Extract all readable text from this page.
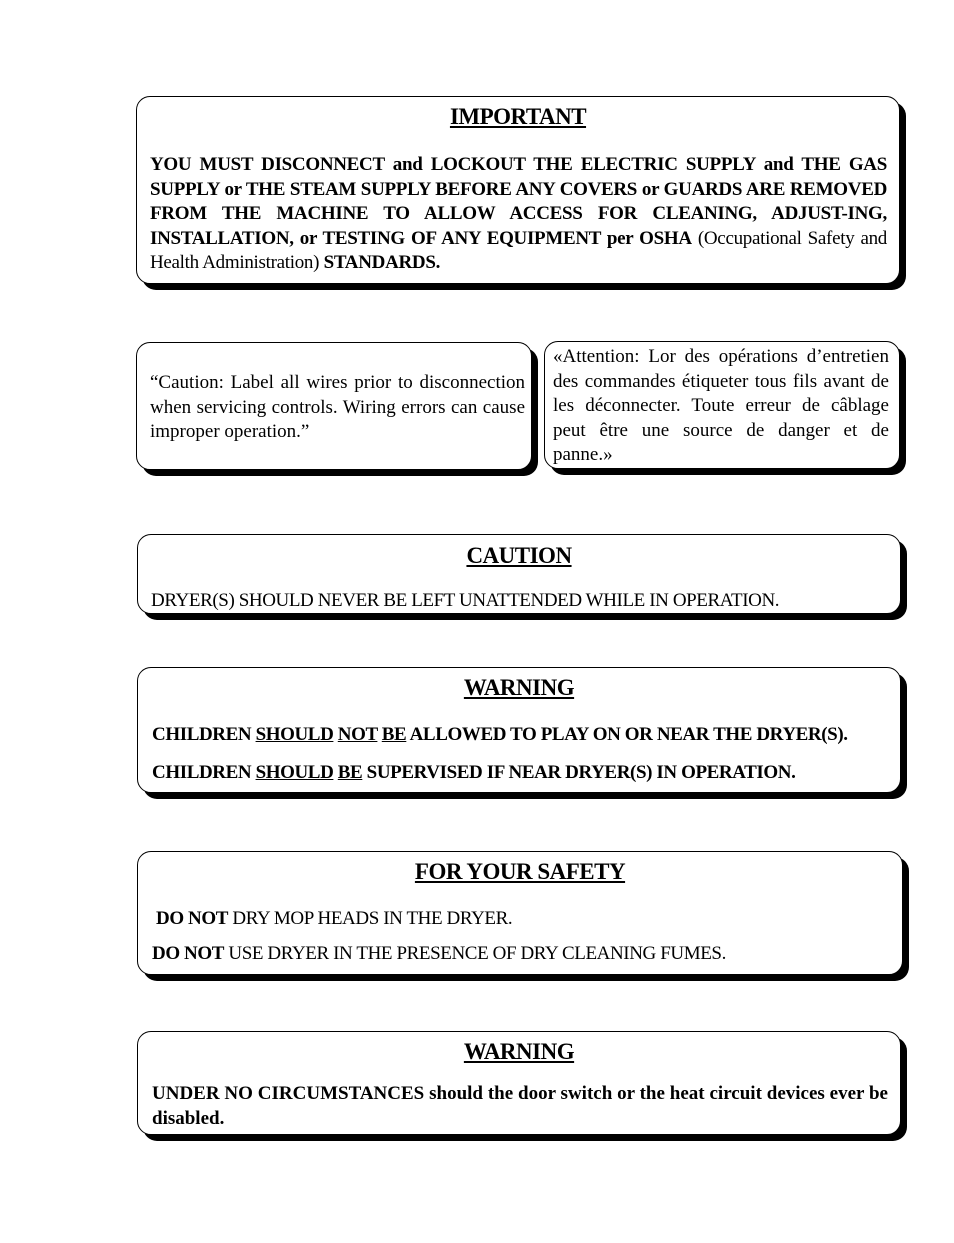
IMPORTANT
YOU MUST DISCONNECT and LOCKOUT THE ELECTRIC SUPPLY and THE GAS SUPPLY or THE STEAM SUPPLY BEFORE ANY COVERS or GUARDS ARE REMOVED FROM THE MACHINE TO ALLOW ACCESS FOR CLEANING, ADJUST-ING, INSTALLATION, or TESTING OF ANY EQUIPMENT per OSHA (Occupational Safety and Health Administration) STANDARDS.
“Caution: Label all wires prior to disconnection when servicing controls. Wiring errors can cause improper operation.”
«Attention: Lor des opérations d’entretien des commandes étiqueter tous fils avant de les déconnecter. Toute erreur de câblage peut être une source de danger et de panne.»
CAUTION
DRYER(S) SHOULD NEVER BE LEFT UNATTENDED WHILE IN OPERATION.
WARNING
CHILDREN SHOULD NOT BE ALLOWED TO PLAY ON OR NEAR THE DRYER(S).
CHILDREN SHOULD BE SUPERVISED IF NEAR DRYER(S) IN OPERATION.
FOR YOUR SAFETY
DO NOT DRY MOP HEADS IN THE DRYER.
DO NOT USE DRYER IN THE PRESENCE OF DRY CLEANING FUMES.
WARNING
UNDER NO CIRCUMSTANCES should the door switch or the heat circuit devices ever be disabled.
